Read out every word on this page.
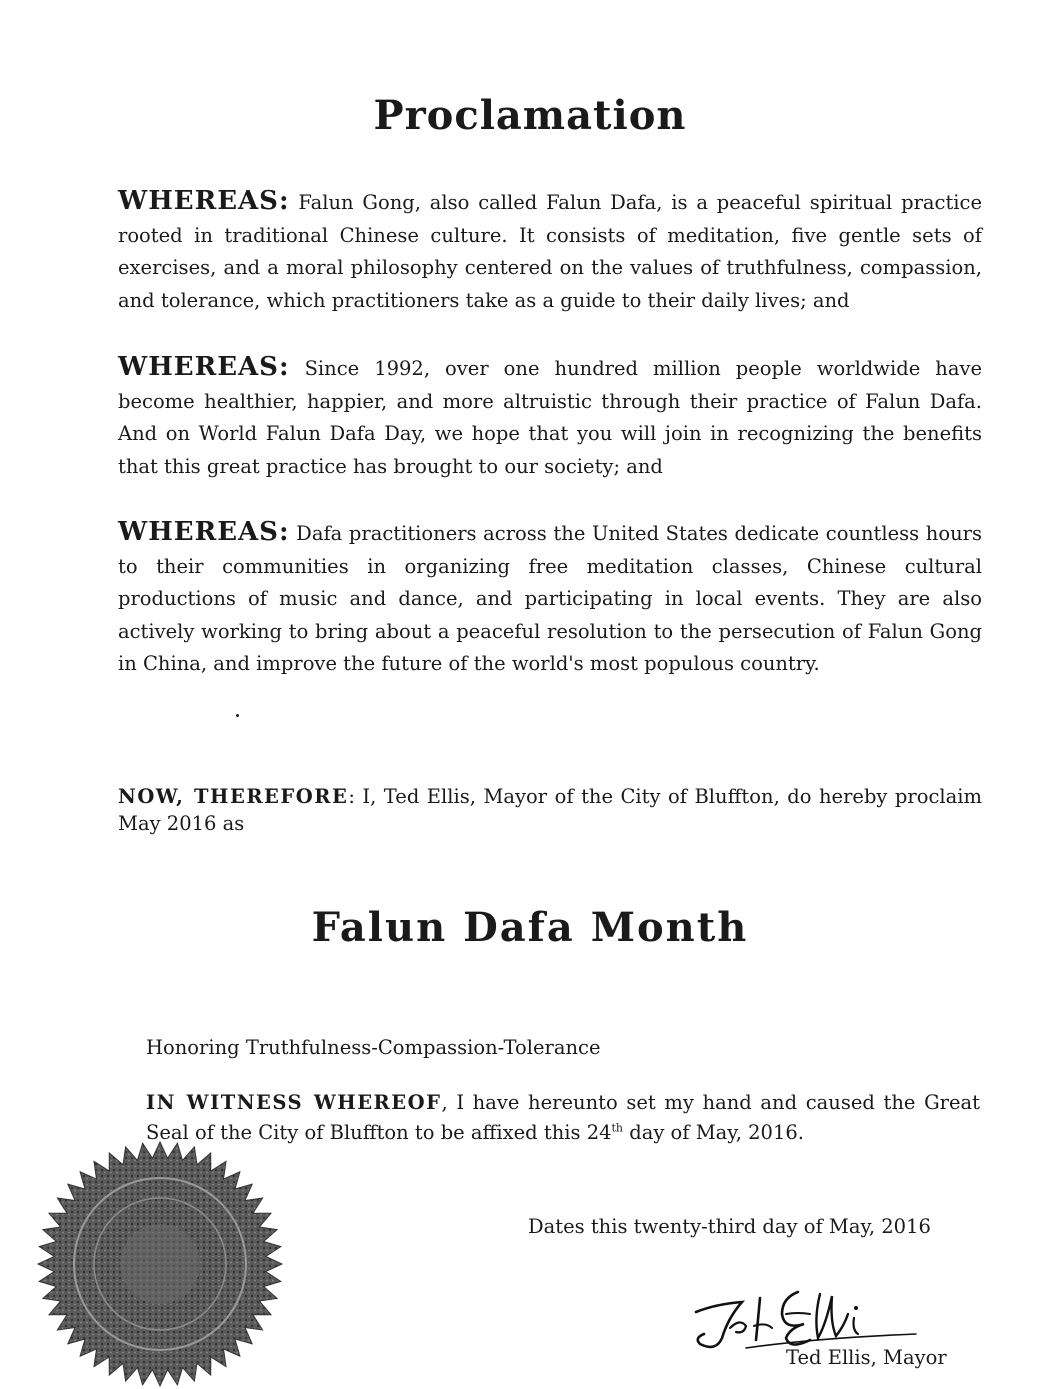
Proclamation

WHEREAS: Falun Gong, also called Falun Dafa, is a peaceful spiritual practice rooted in traditional Chinese culture. It consists of meditation, five gentle sets of exercises, and a moral philosophy centered on the values of truthfulness, compassion, and tolerance, which practitioners take as a guide to their daily lives; and

WHEREAS: Since 1992, over one hundred million people worldwide have become healthier, happier, and more altruistic through their practice of Falun Dafa. And on World Falun Dafa Day, we hope that you will join in recognizing the benefits that this great practice has brought to our society; and

WHEREAS: Dafa practitioners across the United States dedicate countless hours to their communities in organizing free meditation classes, Chinese cultural productions of music and dance, and participating in local events. They are also actively working to bring about a peaceful resolution to the persecution of Falun Gong in China, and improve the future of the world's most populous country.

NOW, THEREFORE: I, Ted Ellis, Mayor of the City of Bluffton, do hereby proclaim May 2016 as

Falun Dafa Month

Honoring Truthfulness-Compassion-Tolerance

IN WITNESS WHEREOF, I have hereunto set my hand and caused the Great Seal of the City of Bluffton to be affixed this 24th day of May, 2016.

Dates this twenty-third day of May, 2016

Ted Ellis, Mayor
